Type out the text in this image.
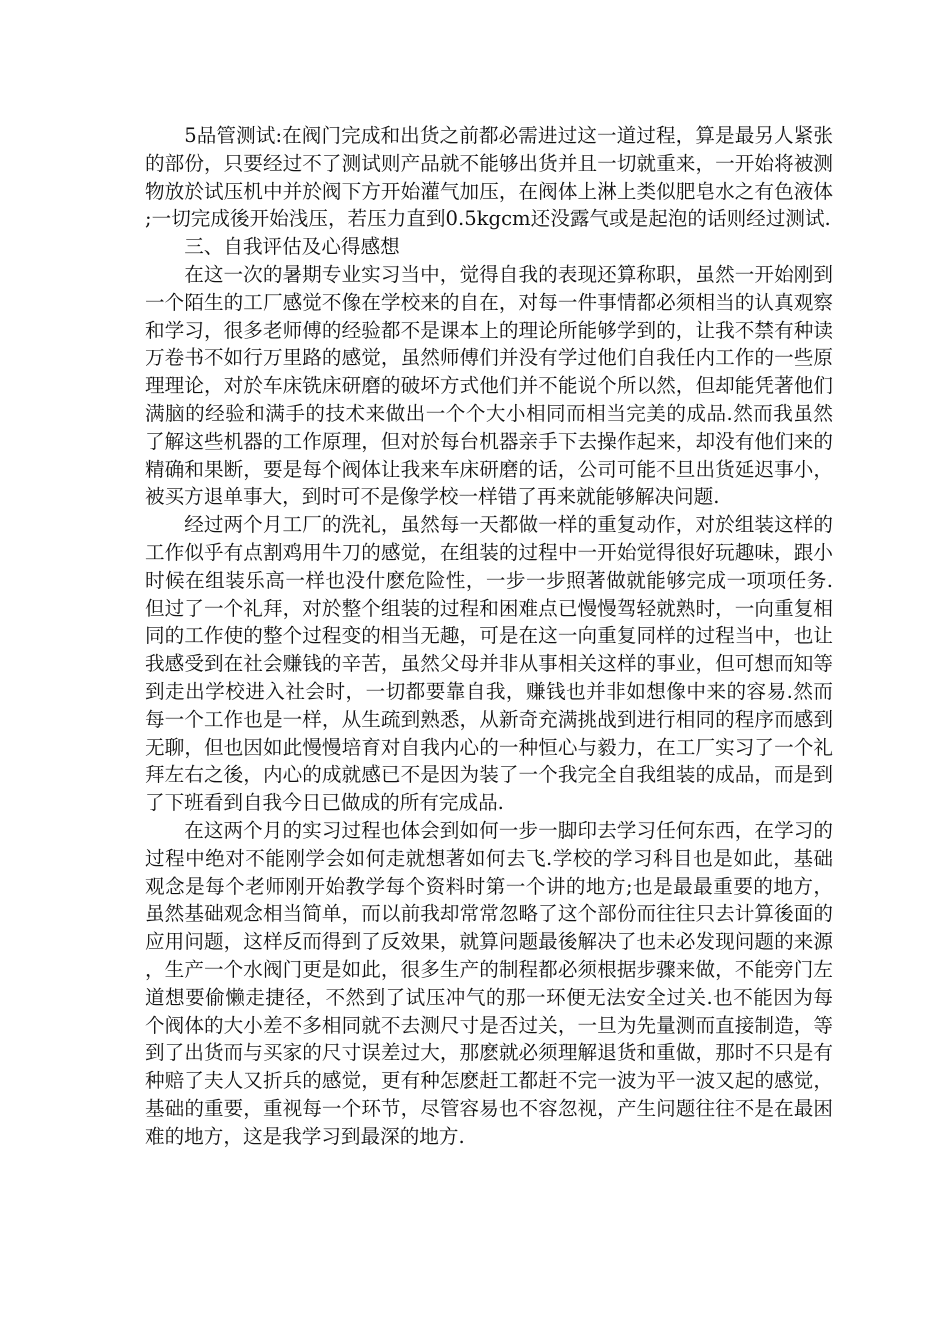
5品管测试:在阀门完成和出货之前都必需进过这一道过程，算是最另人紧张的部份，只要经过不了测试则产品就不能够出货并且一切就重来，一开始将被测物放於试压机中并於阀下方开始灌气加压，在阀体上淋上类似肥皂水之有色液体;一切完成後开始浅压，若压力直到0.5kgcm还没露气或是起泡的话则经过测试.

三、自我评估及心得感想

在这一次的暑期专业实习当中，觉得自我的表现还算称职，虽然一开始刚到一个陌生的工厂感觉不像在学校来的自在，对每一件事情都必须相当的认真观察和学习，很多老师傅的经验都不是课本上的理论所能够学到的，让我不禁有种读万卷书不如行万里路的感觉，虽然师傅们并没有学过他们自我任内工作的一些原理理论，对於车床铣床研磨的破坏方式他们并不能说个所以然，但却能凭著他们满脑的经验和满手的技术来做出一个个大小相同而相当完美的成品.然而我虽然了解这些机器的工作原理，但对於每台机器亲手下去操作起来，却没有他们来的精确和果断，要是每个阀体让我来车床研磨的话，公司可能不旦出货延迟事小，被买方退单事大，到时可不是像学校一样错了再来就能够解决问题.

经过两个月工厂的洗礼，虽然每一天都做一样的重复动作，对於组装这样的工作似乎有点割鸡用牛刀的感觉，在组装的过程中一开始觉得很好玩趣味，跟小时候在组装乐高一样也没什麽危险性，一步一步照著做就能够完成一项项任务.但过了一个礼拜，对於整个组装的过程和困难点已慢慢驾轻就熟时，一向重复相同的工作使的整个过程变的相当无趣，可是在这一向重复同样的过程当中，也让我感受到在社会赚钱的辛苦，虽然父母并非从事相关这样的事业，但可想而知等到走出学校进入社会时，一切都要靠自我，赚钱也并非如想像中来的容易.然而每一个工作也是一样，从生疏到熟悉，从新奇充满挑战到进行相同的程序而感到无聊，但也因如此慢慢培育对自我内心的一种恒心与毅力，在工厂实习了一个礼拜左右之後，内心的成就感已不是因为装了一个我完全自我组装的成品，而是到了下班看到自我今日已做成的所有完成品.

在这两个月的实习过程也体会到如何一步一脚印去学习任何东西，在学习的过程中绝对不能刚学会如何走就想著如何去飞.学校的学习科目也是如此，基础观念是每个老师刚开始教学每个资料时第一个讲的地方;也是最最重要的地方，虽然基础观念相当简单，而以前我却常常忽略了这个部份而往往只去计算後面的应用问题，这样反而得到了反效果，就算问题最後解决了也未必发现问题的来源，生产一个水阀门更是如此，很多生产的制程都必须根据步骤来做，不能旁门左道想要偷懒走捷径，不然到了试压冲气的那一环便无法安全过关.也不能因为每个阀体的大小差不多相同就不去测尺寸是否过关，一旦为先量测而直接制造，等到了出货而与买家的尺寸误差过大，那麽就必须理解退货和重做，那时不只是有种赔了夫人又折兵的感觉，更有种怎麽赶工都赶不完一波为平一波又起的感觉，基础的重要，重视每一个环节，尽管容易也不容忽视，产生问题往往不是在最困难的地方，这是我学习到最深的地方.
